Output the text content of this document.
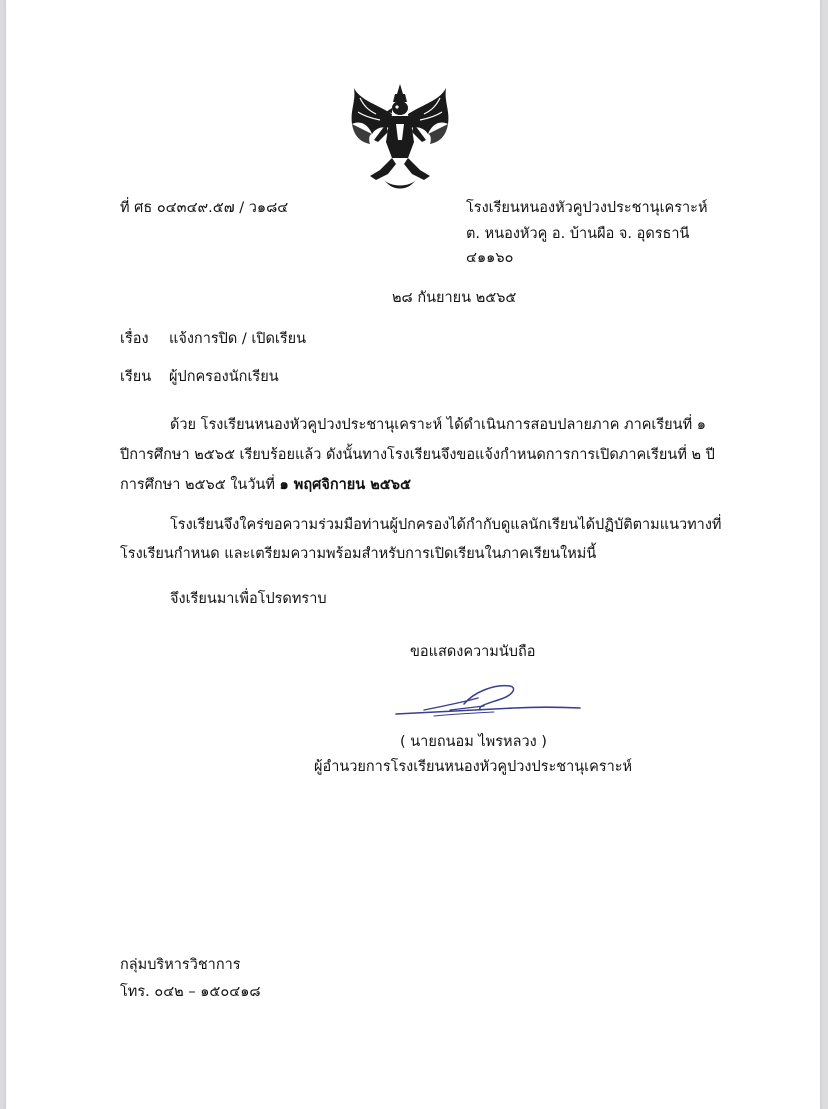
ที่ ศธ ๐๔๓๔๙.๕๗ / ว๑๘๔	โรงเรียนหนองหัวคูปวงประชานุเคราะห์
ต. หนองหัวคู อ. บ้านผือ จ. อุดรธานี
๔๑๑๖๐
๒๘ กันยายน ๒๕๖๕
เรื่อง แจ้งการปิด / เปิดเรียน
เรียน ผู้ปกครองนักเรียน
ด้วย โรงเรียนหนองหัวคูปวงประชานุเคราะห์ ได้ดำเนินการสอบปลายภาค ภาคเรียนที่ ๑
ปีการศึกษา ๒๕๖๕ เรียบร้อยแล้ว ดังนั้นทางโรงเรียนจึงขอแจ้งกำหนดการการเปิดภาคเรียนที่ ๒ ปี
การศึกษา ๒๕๖๕ ในวันที่ ๑ พฤศจิกายน ๒๕๖๕
โรงเรียนจึงใคร่ขอความร่วมมือท่านผู้ปกครองได้กำกับดูแลนักเรียนได้ปฏิบัติตามแนวทางที่
โรงเรียนกำหนด และเตรียมความพร้อมสำหรับการเปิดเรียนในภาคเรียนใหม่นี้
จึงเรียนมาเพื่อโปรดทราบ
ขอแสดงความนับถือ
( นายถนอม ไพรหลวง )
ผู้อำนวยการโรงเรียนหนองหัวคูปวงประชานุเคราะห์
กลุ่มบริหารวิชาการ
โทร. ๐๔๒ – ๑๕๐๔๑๘
